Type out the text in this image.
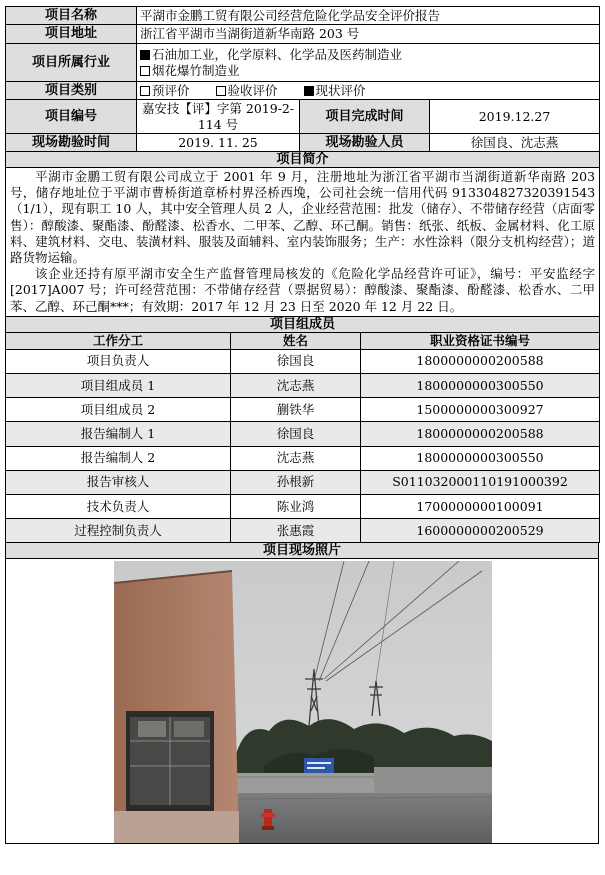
项目名称	平湖市金鹏工贸有限公司经营危险化学品安全评价报告		
项目地址	浙江省平湖市当湖街道新华南路 203 号		
项目所属行业	石油加工业，化学原料、化学品及医药制造业
烟花爆竹制造业		

项目类别	预评价 验收评价 现状评价		
项目编号	嘉安技【评】字第 2019-2-114 号	项目完成时间	2019.12.27
现场勘验时间	2019. 11. 25	现场勘验人员	徐国良、沈志燕
项目简介			

平湖市金鹏工贸有限公司成立于 2001 年 9 月，注册地址为浙江省平湖市当湖街道新华南路 203 号，储存地址位于平湖市曹桥街道章桥村界泾桥西堍，公司社会统一信用代码 91330482732039154З（1/1），现有职工 10 人，其中安全管理人员 2 人，企业经营范围：批发（储存）、不带储存经营（店面零售）：醇酸漆、聚酯漆、酚醛漆、松香水、二甲苯、乙醇、环己酮。销售：纸张、纸板、金属材料、化工原料、建筑材料、交电、装潢材料、服装及面辅料、室内装饰服务；生产：水性涂料（限分支机构经营）；道路货物运输。

该企业还持有原平湖市安全生产监督管理局核发的《危险化学品经营许可证》，编号：平安监经字[2017]A007 号；许可经营范围：不带储存经营（票据贸易）：醇酸漆、聚酯漆、酚醛漆、松香水、二甲苯、乙醇、环己酮***；有效期：2017 年 12 月 23 日至 2020 年 12 月 22 日。			

项目组成员			
工作分工	姓名	职业资格证书编号
项目负责人	徐国良	1800000000200588
项目组成员 1	沈志燕	1800000000300550
项目组成员 2	蒯铁华	1500000000300927
报告编制人 1	徐国良	1800000000200588
报告编制人 2	沈志燕	1800000000300550
报告审核人	孙根新	S011032000110191000392
技术负责人	陈业鸿	1700000000100091
过程控制负责人	张惠霞	1600000000200529
项目现场照片
